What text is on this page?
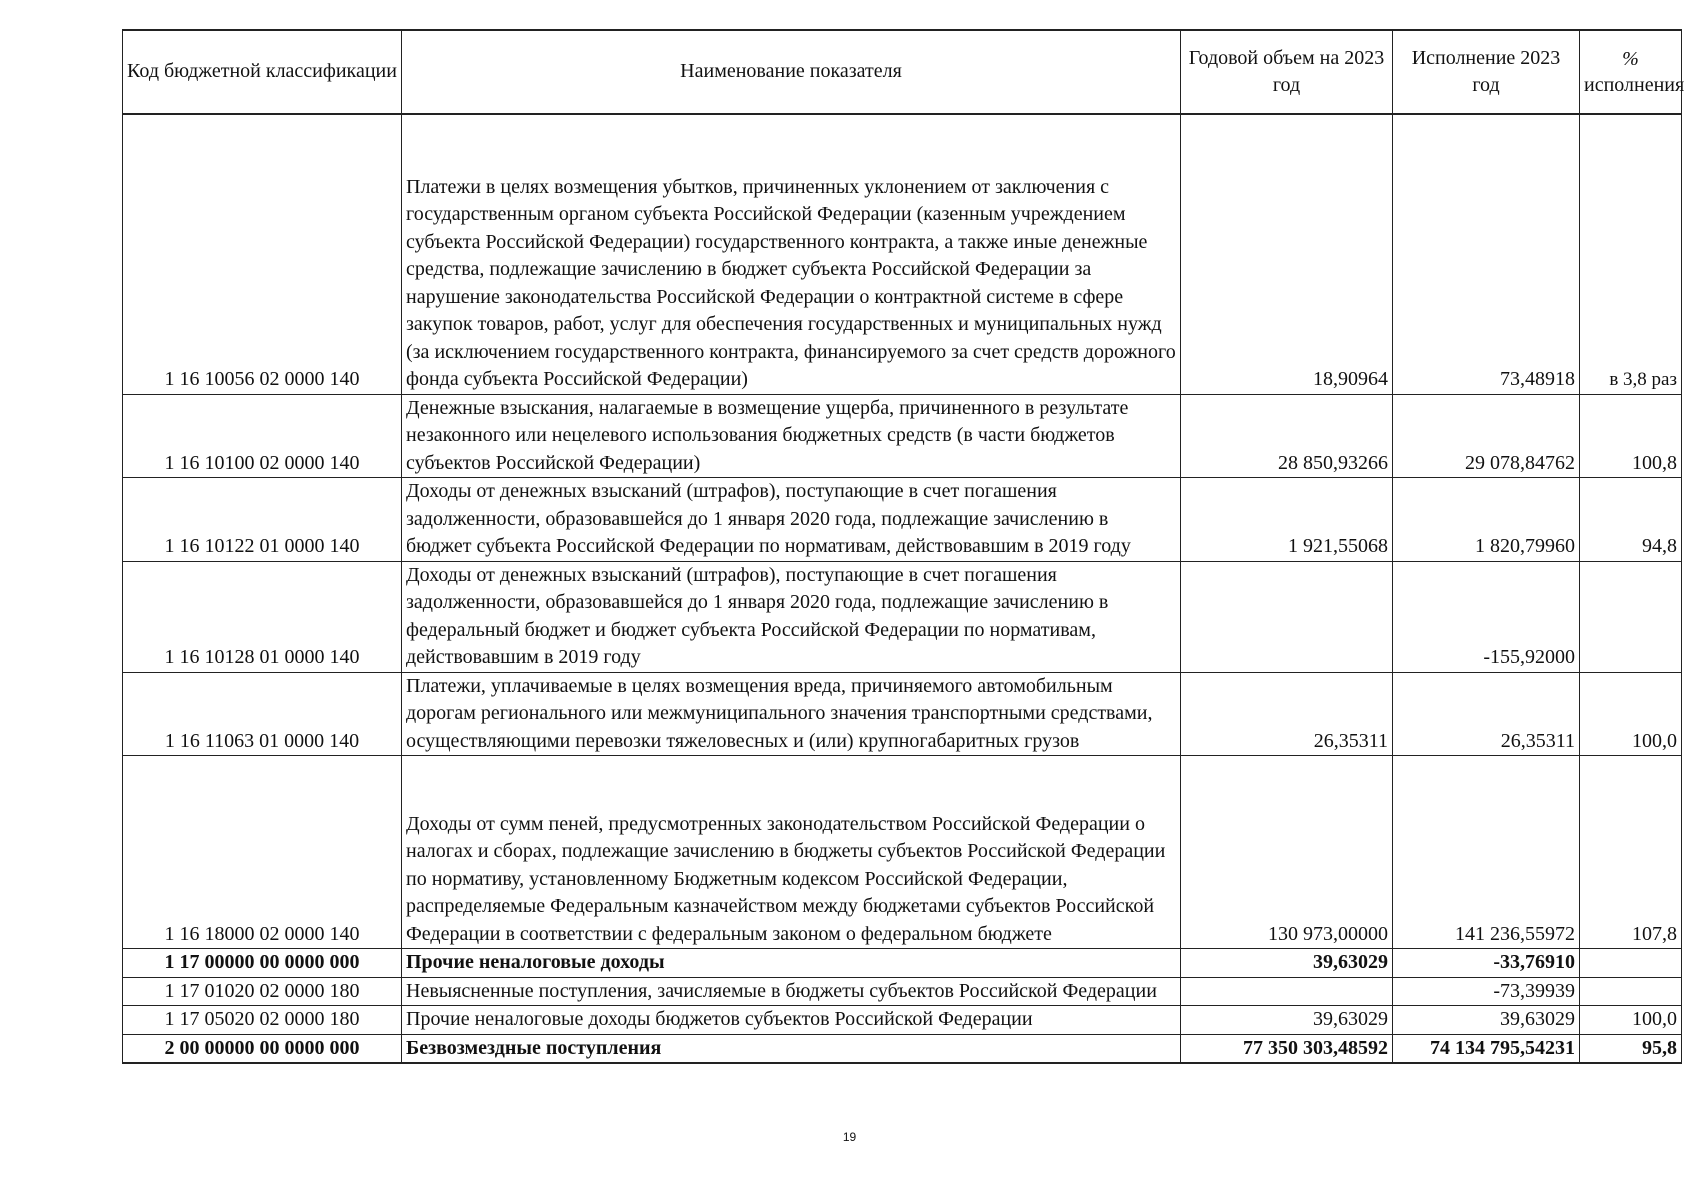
Код бюджетной классификации	Наименование показателя	Годовой объем на 2023 год	Исполнение 2023 год	%
исполнения
1 16 10056 02 0000 140	Платежи в целях возмещения убытков, причиненных уклонением от заключения с государственным органом субъекта Российской Федерации (казенным учреждением субъекта Российской Федерации) государственного контракта, а также иные денежные средства, подлежащие зачислению в бюджет субъекта Российской Федерации за нарушение законодательства Российской Федерации о контрактной системе в сфере закупок товаров, работ, услуг для обеспечения государственных и муниципальных нужд (за исключением государственного контракта, финансируемого за счет средств дорожного фонда субъекта Российской Федерации)	18,90964	73,48918	в 3,8 раз
1 16 10100 02 0000 140	Денежные взыскания, налагаемые в возмещение ущерба, причиненного в результате незаконного или нецелевого использования бюджетных средств (в части бюджетов субъектов Российской Федерации)	28 850,93266	29 078,84762	100,8
1 16 10122 01 0000 140	Доходы от денежных взысканий (штрафов), поступающие в счет погашения задолженности, образовавшейся до 1 января 2020 года, подлежащие зачислению в бюджет субъекта Российской Федерации по нормативам, действовавшим в 2019 году	1 921,55068	1 820,79960	94,8
1 16 10128 01 0000 140	Доходы от денежных взысканий (штрафов), поступающие в счет погашения задолженности, образовавшейся до 1 января 2020 года, подлежащие зачислению в федеральный бюджет и бюджет субъекта Российской Федерации по нормативам, действовавшим в 2019 году		-155,92000	
1 16 11063 01 0000 140	Платежи, уплачиваемые в целях возмещения вреда, причиняемого автомобильным дорогам регионального или межмуниципального значения транспортными средствами, осуществляющими перевозки тяжеловесных и (или) крупногабаритных грузов	26,35311	26,35311	100,0
1 16 18000 02 0000 140	Доходы от сумм пеней, предусмотренных законодательством Российской Федерации о налогах и сборах, подлежащие зачислению в бюджеты субъектов Российской Федерации по нормативу, установленному Бюджетным кодексом Российской Федерации, распределяемые Федеральным казначейством между бюджетами субъектов Российской Федерации в соответствии с федеральным законом о федеральном бюджете	130 973,00000	141 236,55972	107,8
1 17 00000 00 0000 000	Прочие неналоговые доходы	39,63029	-33,76910	
1 17 01020 02 0000 180	Невыясненные поступления, зачисляемые в бюджеты субъектов Российской Федерации		-73,39939	
1 17 05020 02 0000 180	Прочие неналоговые доходы бюджетов субъектов Российской Федерации	39,63029	39,63029	100,0
2 00 00000 00 0000 000	Безвозмездные поступления	77 350 303,48592	74 134 795,54231	95,8
19
